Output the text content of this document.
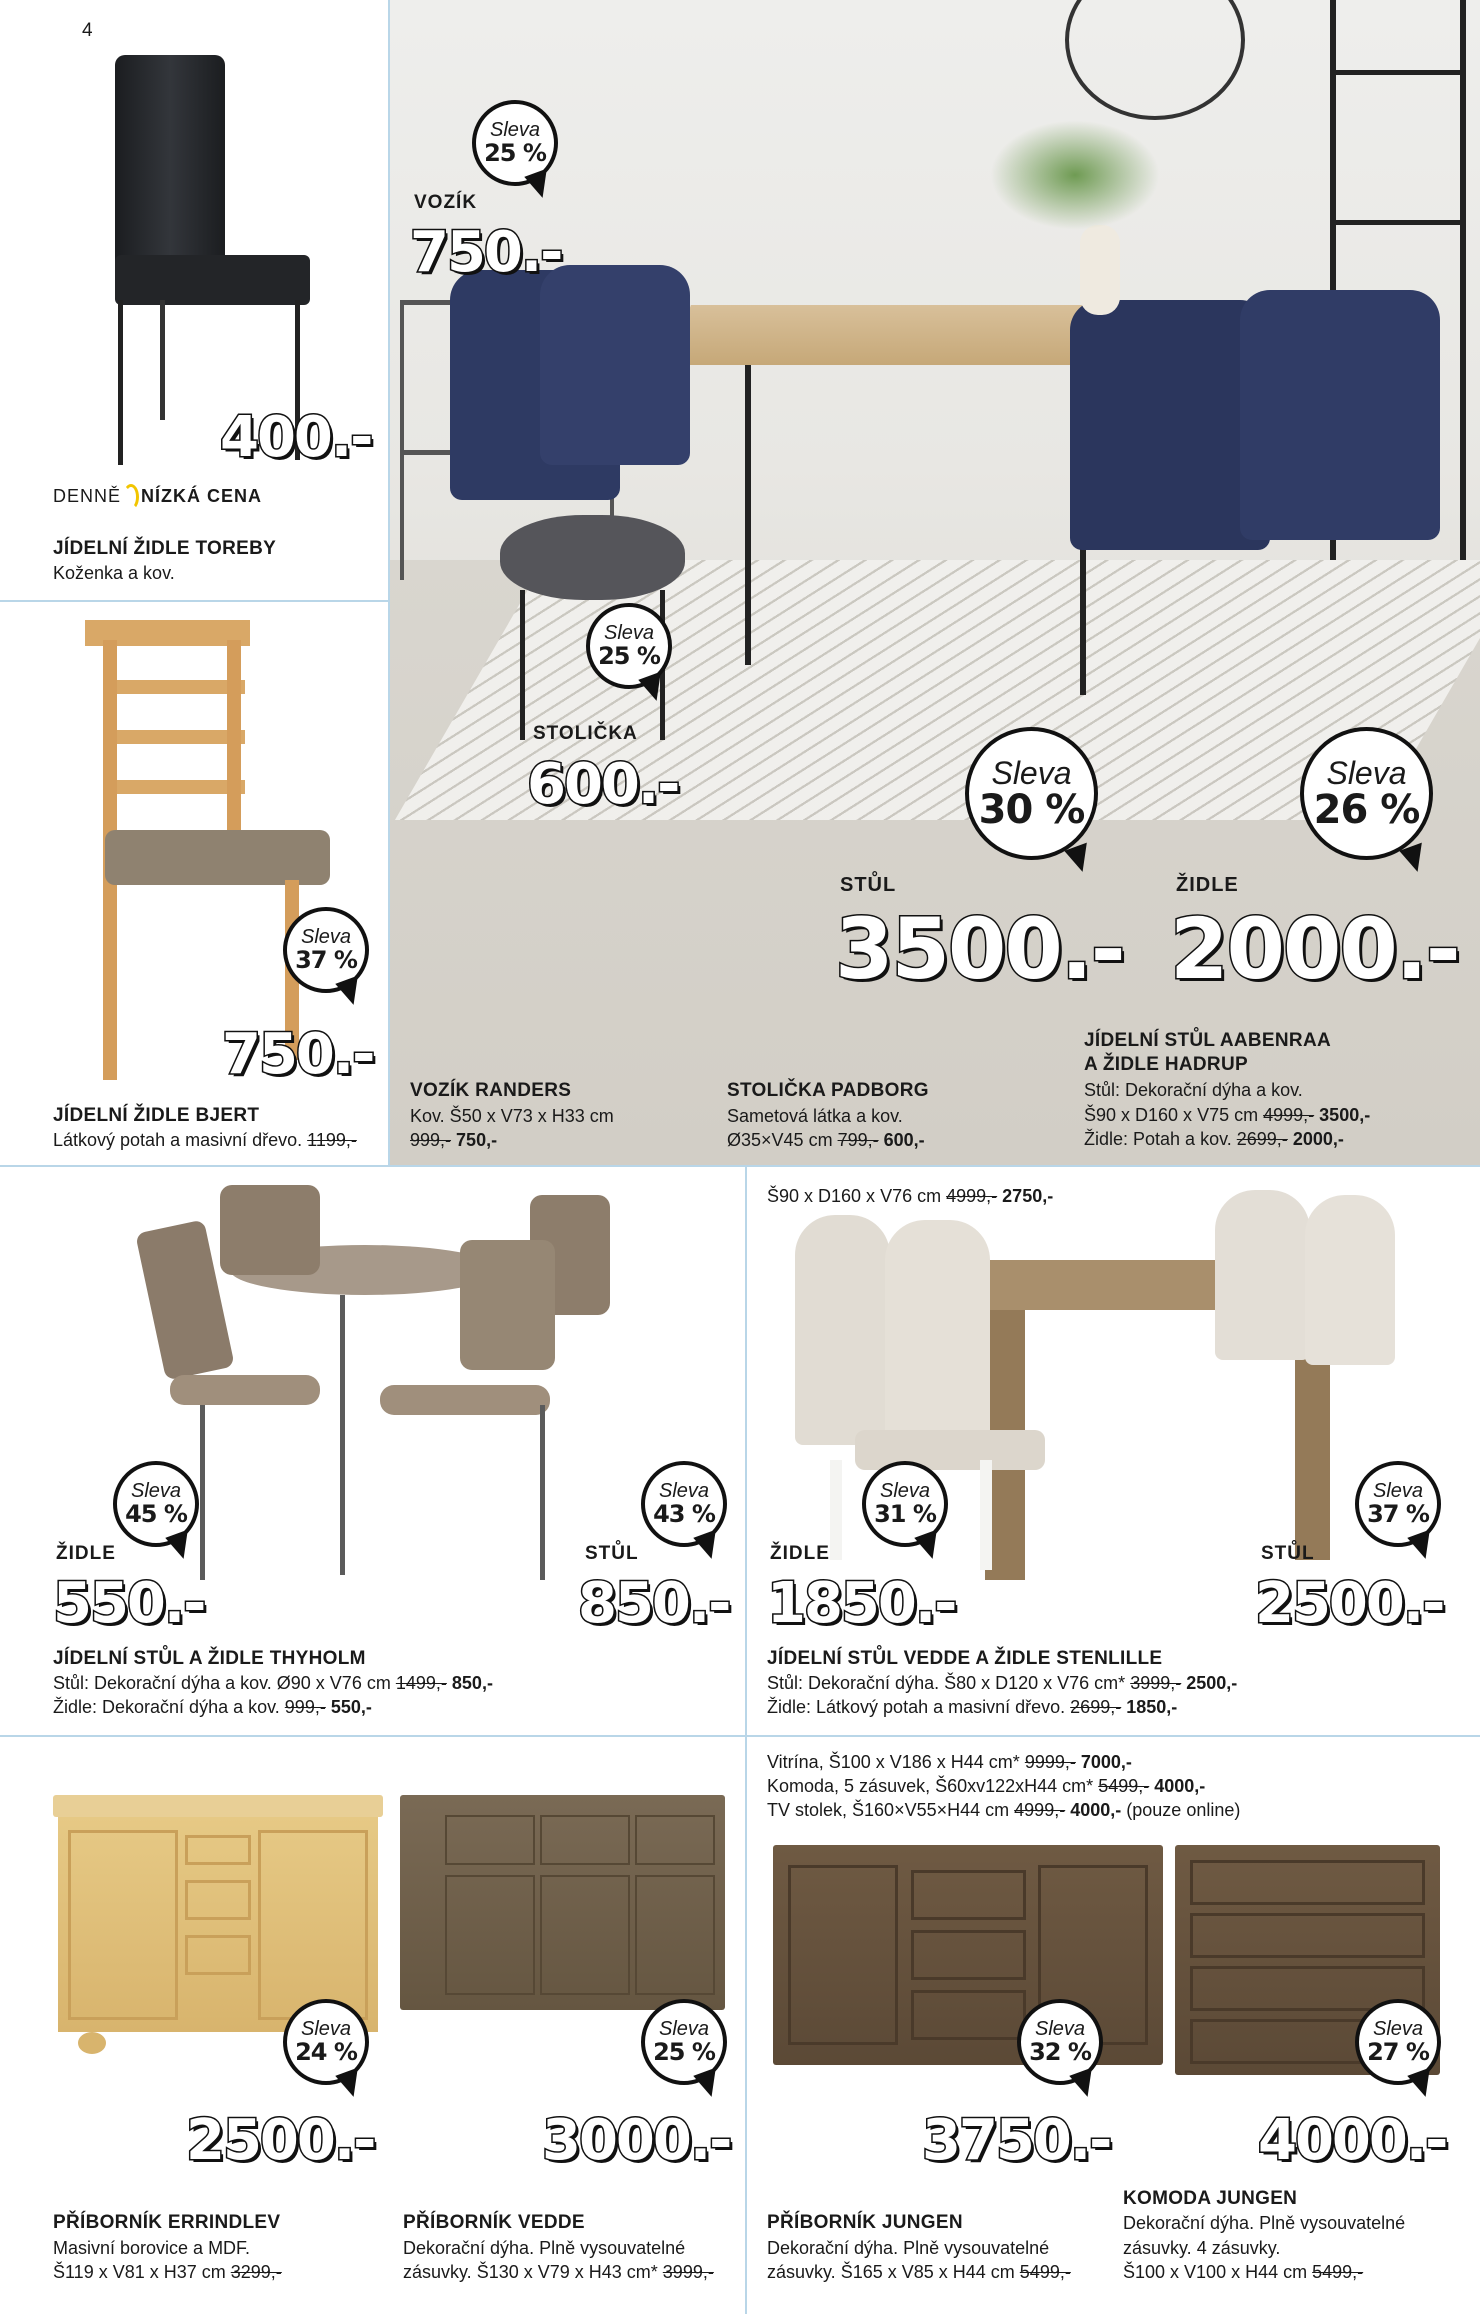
4
400.-
DENNĚ NÍZKÁ CENA
JÍDELNÍ ŽIDLE TOREBY
Koženka a kov.
Sleva
37 %
750.-
JÍDELNÍ ŽIDLE BJERT
Látkový potah a masivní dřevo. 1199,-
Sleva
25 %
VOZÍK
750.-
Sleva
25 %
STOLIČKA
600.-	Sleva
30 %
STŮL
3500.-
Sleva
26 %
ŽIDLE
2000.-
VOZÍK RANDERS
Kov. Š50 x V73 x H33 cm
999,- 750,-
STOLIČKA PADBORG
Sametová látka a kov.
Ø35×V45 cm 799,- 600,-
JÍDELNÍ STŮL AABENRAA
A ŽIDLE HADRUP
Stůl: Dekorační dýha a kov.
Š90 x D160 x V75 cm 4999,- 3500,-
Židle: Potah a kov. 2699,- 2000,-
Sleva
45 %
Sleva
43 %
ŽIDLE	STŮL
550.-	850.-
JÍDELNÍ STŮL A ŽIDLE THYHOLM
Stůl: Dekorační dýha a kov. Ø90 x V76 cm 1499,- 850,-
Židle: Dekorační dýha a kov. 999,- 550,-
Š90 x D160 x V76 cm 4999,- 2750,-
Sleva
31 %
Sleva
37 %
ŽIDLE	STŮL
1850.-	2500.-
JÍDELNÍ STŮL VEDDE A ŽIDLE STENLILLE
Stůl: Dekorační dýha. Š80 x D120 x V76 cm* 3999,- 2500,-
Židle: Látkový potah a masivní dřevo. 2699,- 1850,-
Vitrína, Š100 x V186 x H44 cm* 9999,- 7000,-
Komoda, 5 zásuvek, Š60xv122xH44 cm* 5499,- 4000,-
TV stolek, Š160×V55×H44 cm 4999,- 4000,- (pouze online)
Sleva
24 %
2500.-
PŘÍBORNÍK ERRINDLEV
Masivní borovice a MDF.
Š119 x V81 x H37 cm 3299,-
Sleva
25 %
3000.-
PŘÍBORNÍK VEDDE
Dekorační dýha. Plně vysouvatelné
zásuvky. Š130 x V79 x H43 cm* 3999,-
Sleva
32 %
3750.-
PŘÍBORNÍK JUNGEN
Dekorační dýha. Plně vysouvatelné
zásuvky. Š165 x V85 x H44 cm 5499,-
Sleva
27 %
4000.-
KOMODA JUNGEN
Dekorační dýha. Plně vysouvatelné
zásuvky. 4 zásuvky.
Š100 x V100 x H44 cm 5499,-
